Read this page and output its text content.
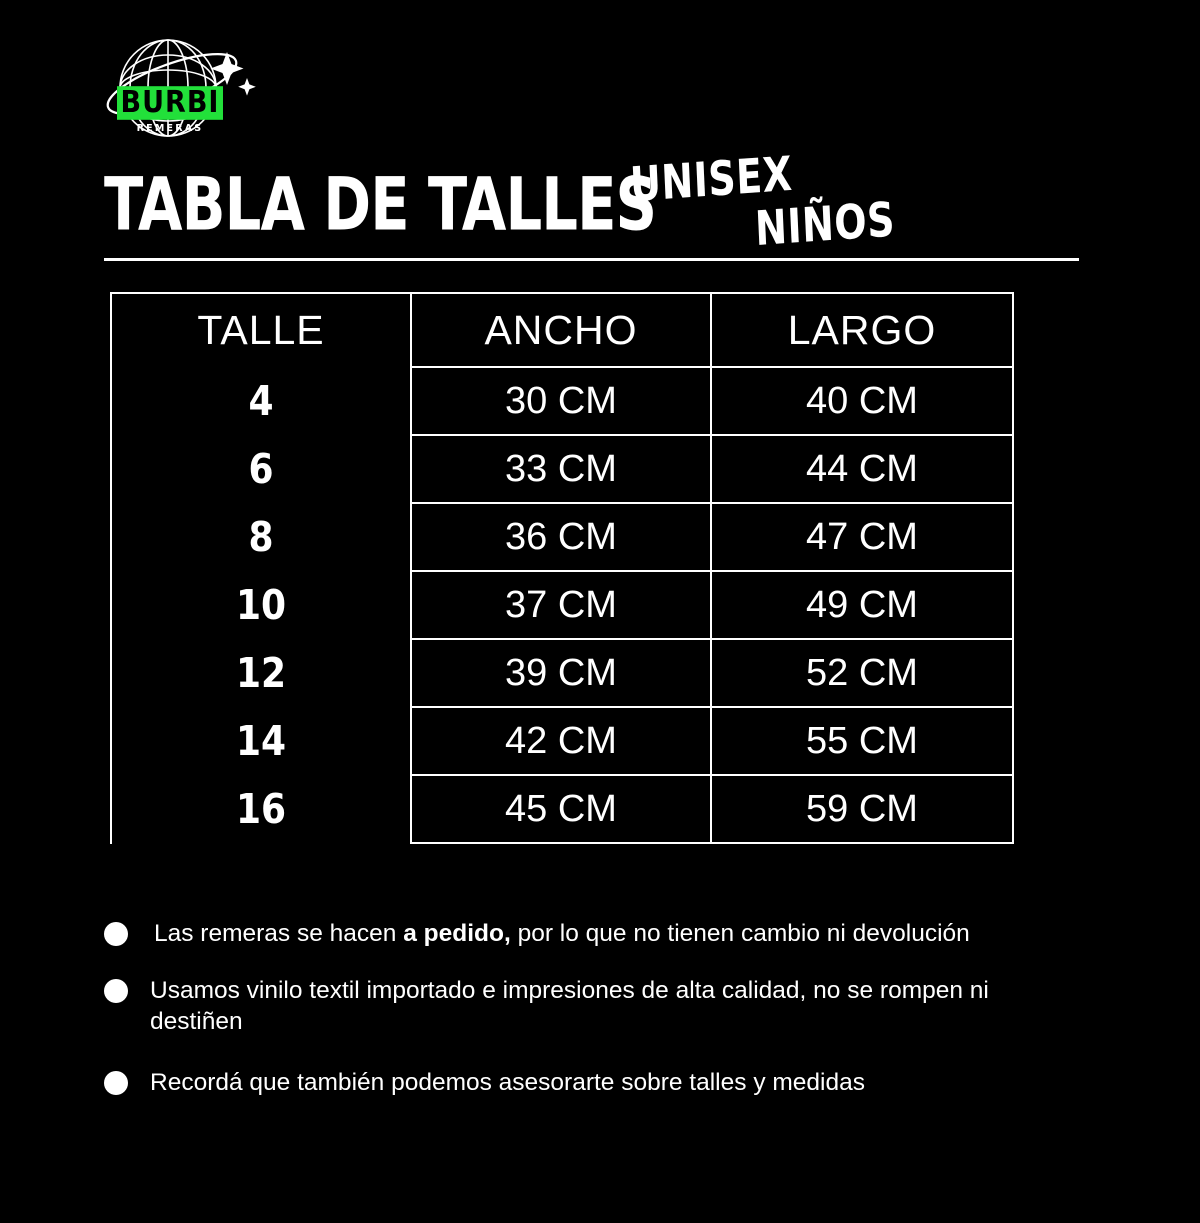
BURBI
REMERAS
TABLA DE TALLES
UNISEX
NIÑOS
TALLE	ANCHO	LARGO
4	30 CM	40 CM
6	33 CM	44 CM
8	36 CM	47 CM
10	37 CM	49 CM
12	39 CM	52 CM
14	42 CM	55 CM
16	45 CM	59 CM
Las remeras se hacen a pedido, por lo que no tienen cambio ni devolución
Usamos vinilo textil importado e impresiones de alta calidad, no se rompen ni destiñen
Recordá que también podemos asesorarte sobre talles y medidas
